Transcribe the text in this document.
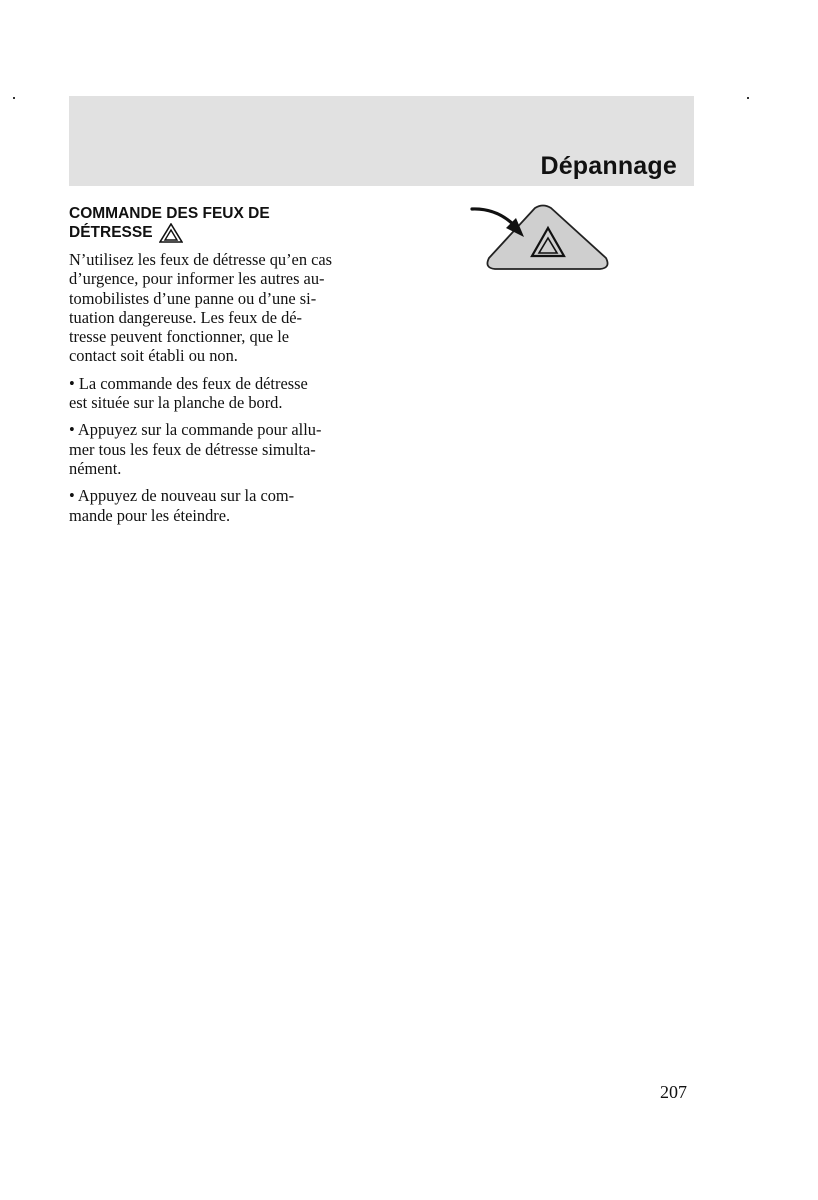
Dépannage
COMMANDE DES FEUX DE
DÉTRESSE

N’utilisez les feux de détresse qu’en cas
d’urgence, pour informer les autres au-
tomobilistes d’une panne ou d’une si-
tuation dangereuse. Les feux de dé-
tresse peuvent fonctionner, que le
contact soit établi ou non.

• La commande des feux de détresse
est située sur la planche de bord.

• Appuyez sur la commande pour allu-
mer tous les feux de détresse simulta-
nément.

• Appuyez de nouveau sur la com-
mande pour les éteindre.

207
